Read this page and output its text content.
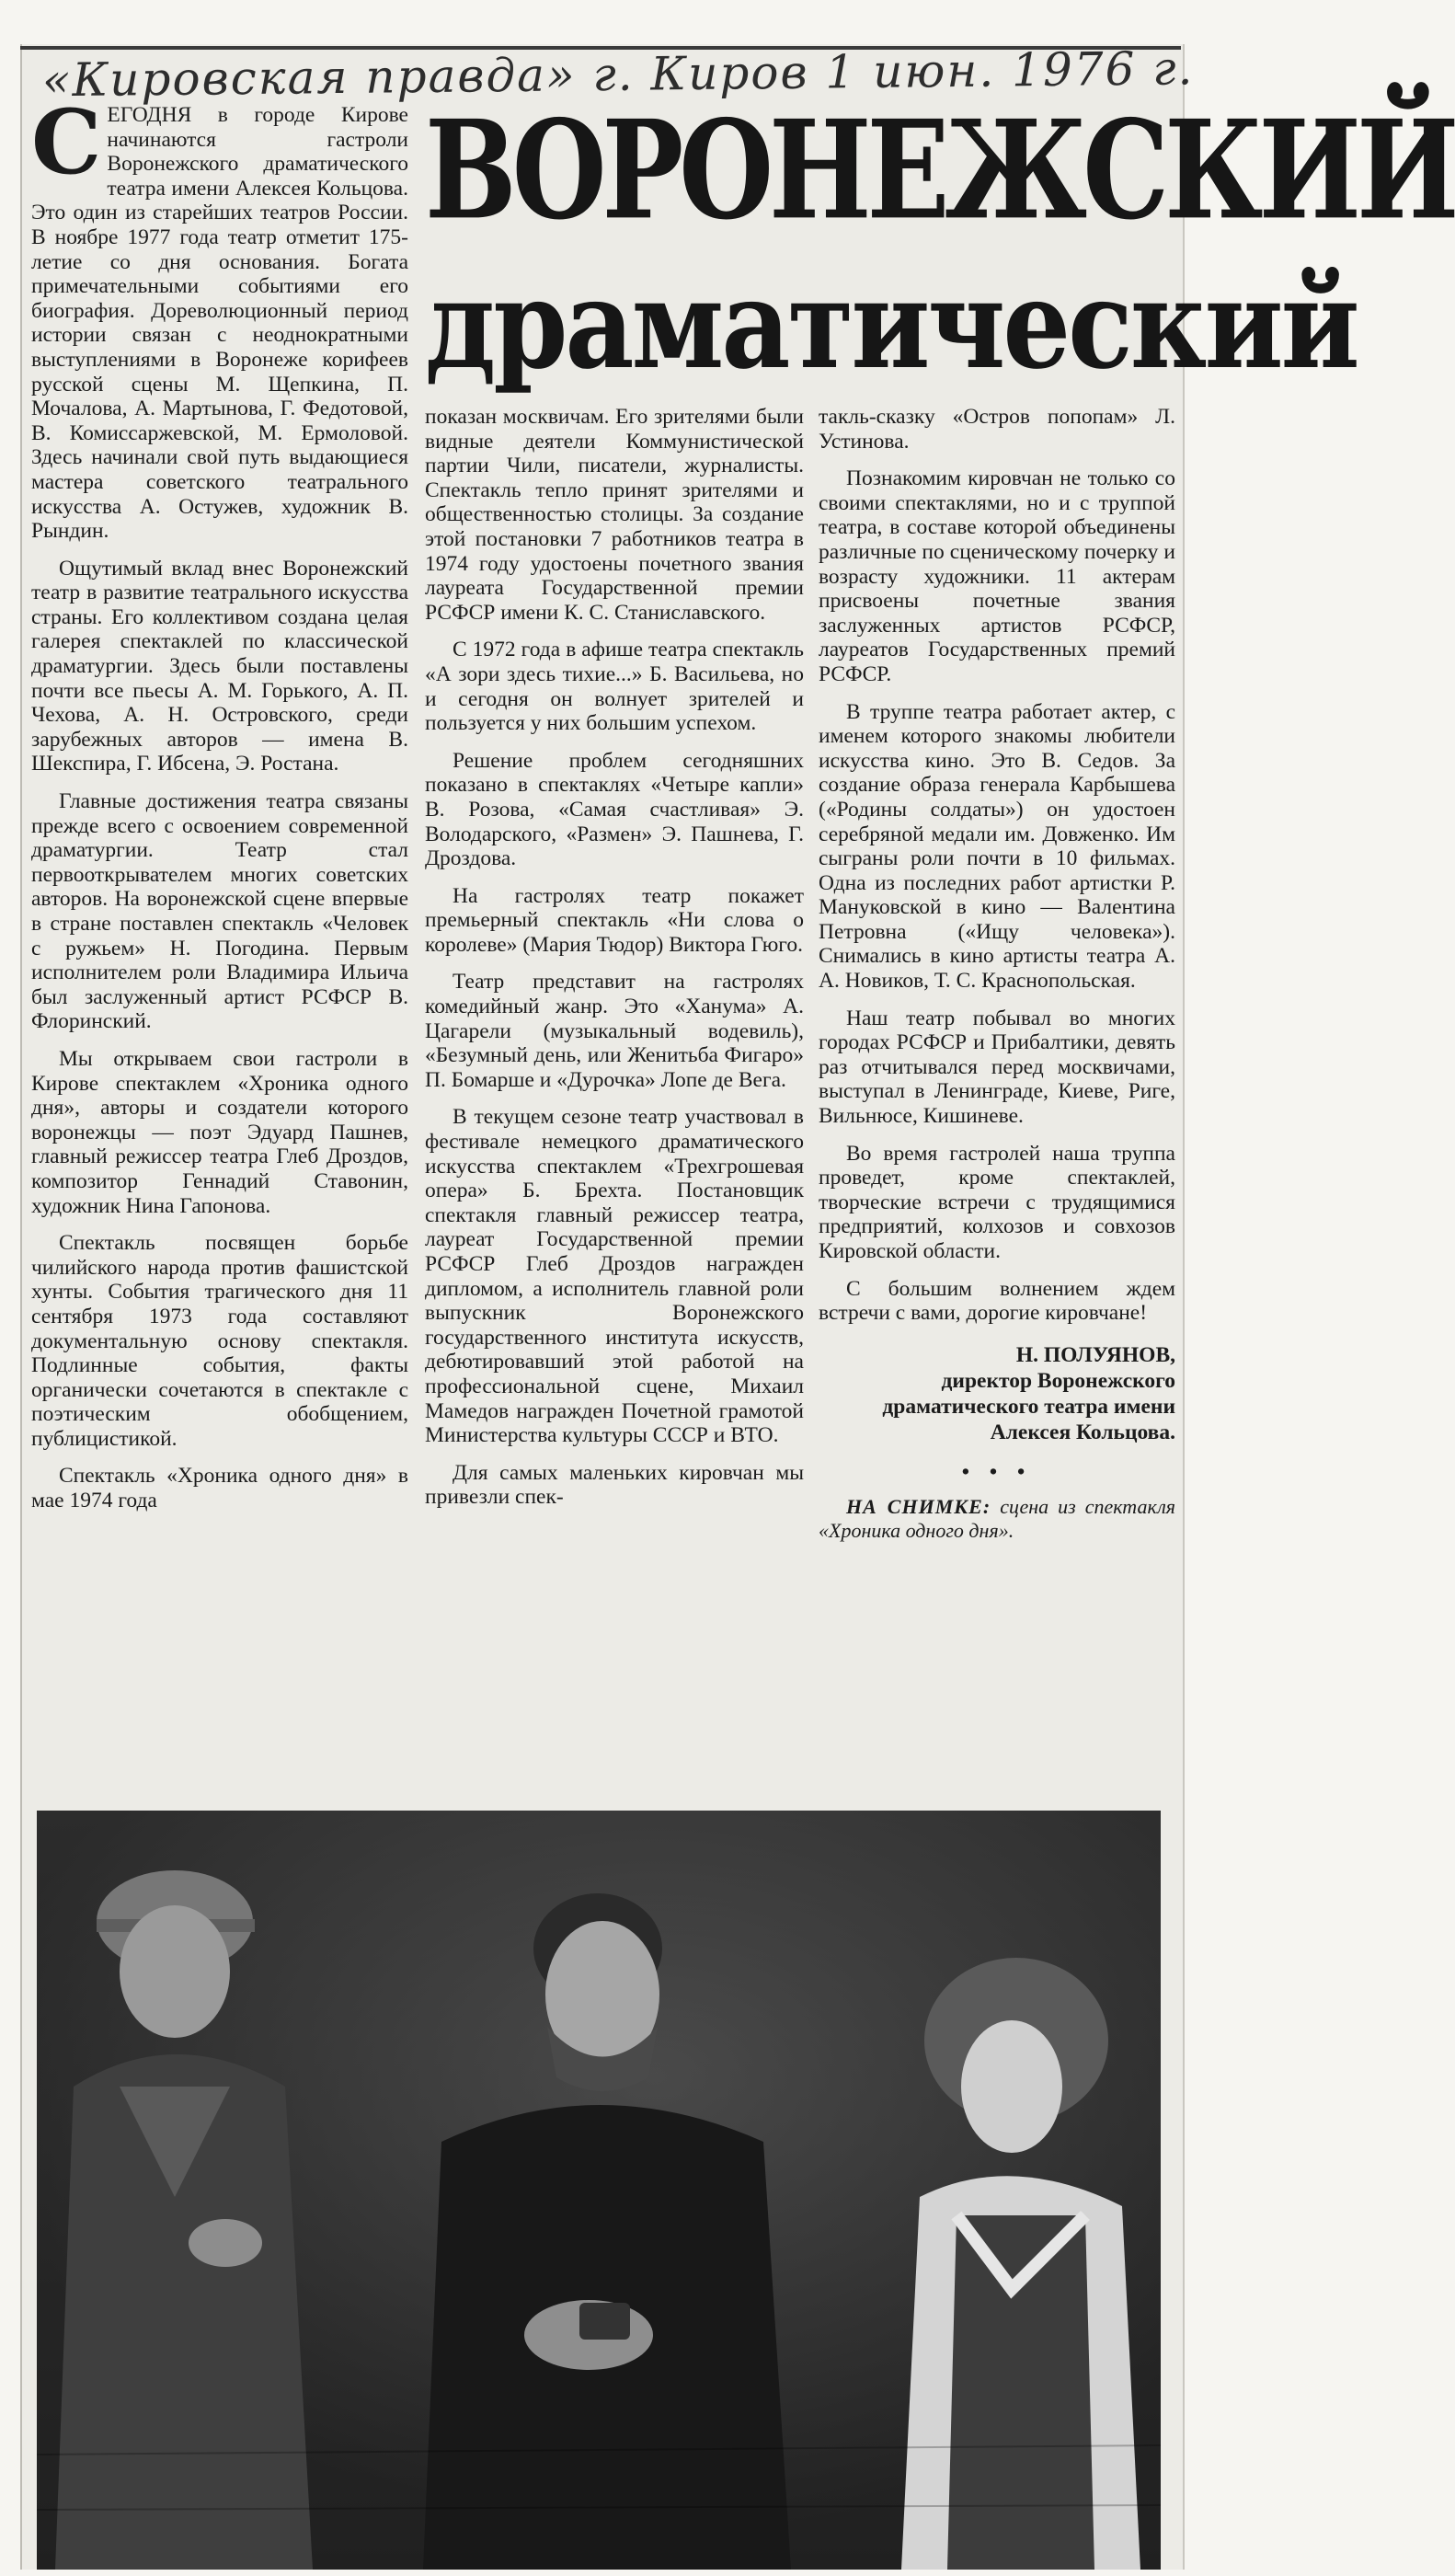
«Кировская правда» г. Киров 1 июн. 1976 г.
ВОРОНЕЖСКИЙ
драматический

СЕГОДНЯ в городе Кирове начинаются гастроли Воронежского драматического театра имени Алексея Кольцова. Это один из старейших театров России. В ноябре 1977 года театр отметит 175-летие со дня основания. Богата примечательными событиями его биография. Дореволюционный период истории связан с неоднократными выступлениями в Воронеже корифеев русской сцены М. Щепкина, П. Мочалова, А. Мартынова, Г. Федотовой, В. Комиссаржевской, М. Ермоловой. Здесь начинали свой путь выдающиеся мастера советского театрального искусства А. Остужев, художник В. Рындин.

Ощутимый вклад внес Воронежский театр в развитие театрального искусства страны. Его коллективом создана целая галерея спектаклей по классической драматургии. Здесь были поставлены почти все пьесы А. М. Горького, А. П. Чехова, А. Н. Островского, среди зарубежных авторов — имена В. Шекспира, Г. Ибсена, Э. Ростана.

Главные достижения театра связаны прежде всего с освоением современной драматургии. Театр стал первооткрывателем многих советских авторов. На воронежской сцене впервые в стране поставлен спектакль «Человек с ружьем» Н. Погодина. Первым исполнителем роли Владимира Ильича был заслуженный артист РСФСР В. Флоринский.

Мы открываем свои гастроли в Кирове спектаклем «Хроника одного дня», авторы и создатели которого воронежцы — поэт Эдуард Пашнев, главный режиссер театра Глеб Дроздов, композитор Геннадий Ставонин, художник Нина Гапонова.

Спектакль посвящен борьбе чилийского народа против фашистской хунты. События трагического дня 11 сентября 1973 года составляют документальную основу спектакля. Подлинные события, факты органически сочетаются в спектакле с поэтическим обобщением, публицистикой.

Спектакль «Хроника одного дня» в мае 1974 года

показан москвичам. Его зрителями были видные деятели Коммунистической партии Чили, писатели, журналисты. Спектакль тепло принят зрителями и общественностью столицы. За создание этой постановки 7 работников театра в 1974 году удостоены почетного звания лауреата Государственной премии РСФСР имени К. С. Станиславского.

С 1972 года в афише театра спектакль «А зори здесь тихие...» Б. Васильева, но и сегодня он волнует зрителей и пользуется у них большим успехом.

Решение проблем сегодняшних показано в спектаклях «Четыре капли» В. Розова, «Самая счастливая» Э. Володарского, «Размен» Э. Пашнева, Г. Дроздова.

На гастролях театр покажет премьерный спектакль «Ни слова о королеве» (Мария Тюдор) Виктора Гюго.

Театр представит на гастролях комедийный жанр. Это «Ханума» А. Цагарели (музыкальный водевиль), «Безумный день, или Женитьба Фигаро» П. Бомарше и «Дурочка» Лопе де Вега.

В текущем сезоне театр участвовал в фестивале немецкого драматического искусства спектаклем «Трехгрошевая опера» Б. Брехта. Постановщик спектакля главный режиссер театра, лауреат Государственной премии РСФСР Глеб Дроздов награжден дипломом, а исполнитель главной роли выпускник Воронежского государственного института искусств, дебютировавший этой работой на профессиональной сцене, Михаил Мамедов награжден Почетной грамотой Министерства культуры СССР и ВТО.

Для самых маленьких кировчан мы привезли спек-

такль-сказку «Остров попопам» Л. Устинова.

Познакомим кировчан не только со своими спектаклями, но и с труппой театра, в составе которой объединены различные по сценическому почерку и возрасту художники. 11 актерам присвоены почетные звания заслуженных артистов РСФСР, лауреатов Государственных премий РСФСР.

В труппе театра работает актер, с именем которого знакомы любители искусства кино. Это В. Седов. За создание образа генерала Карбышева («Родины солдаты») он удостоен серебряной медали им. Довженко. Им сыграны роли почти в 10 фильмах. Одна из последних работ артистки Р. Мануковской в кино — Валентина Петровна («Ищу человека»). Снимались в кино артисты театра А. А. Новиков, Т. С. Краснопольская.

Наш театр побывал во многих городах РСФСР и Прибалтики, девять раз отчитывался перед москвичами, выступал в Ленинграде, Киеве, Риге, Вильнюсе, Кишиневе.

Во время гастролей наша труппа проведет, кроме спектаклей, творческие встречи с трудящимися предприятий, колхозов и совхозов Кировской области.

С большим волнением ждем встречи с вами, дорогие кировчане!

Н. ПОЛУЯНОВ,
директор Воронежского драматического театра имени Алексея Кольцова.
• • •
НА СНИМКЕ: сцена из спектакля «Хроника одного дня».
